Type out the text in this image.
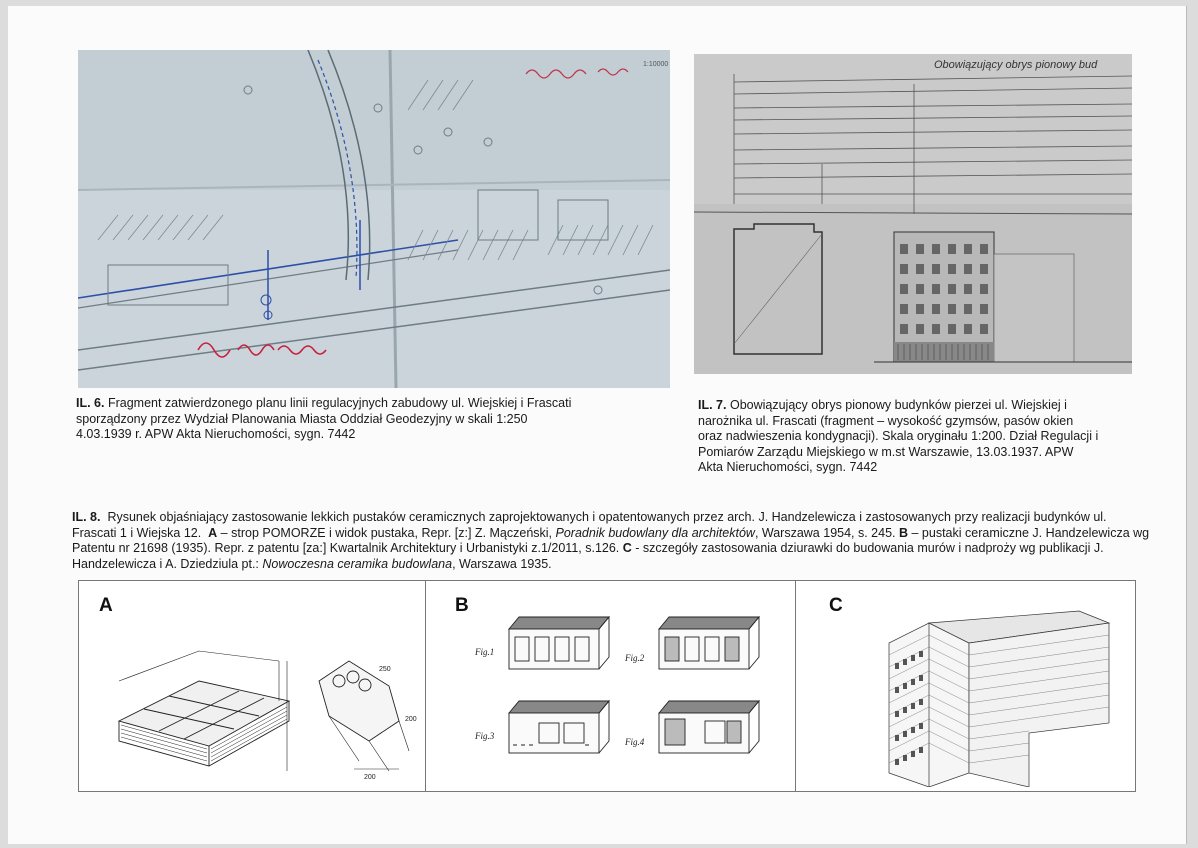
1:10000
IL. 6. Fragment zatwierdzonego planu linii regulacyjnych zabudowy ul. Wiejskiej i Frascati
sporządzony przez Wydział Planowania Miasta Oddział Geodezyjny w skali 1:250
4.03.1939 r. APW Akta Nieruchomości, sygn. 7442
Obowiązujący obrys pionowy bud
IL. 7. Obowiązujący obrys pionowy budynków pierzei ul. Wiejskiej i
narożnika ul. Frascati (fragment – wysokość gzymsów, pasów okien
oraz nadwieszenia kondygnacji). Skala oryginału 1:200. Dział Regulacji i
Pomiarów Zarządu Miejskiego w m.st Warszawie, 13.03.1937. APW
Akta Nieruchomości, sygn. 7442
IL. 8. Rysunek objaśniający zastosowanie lekkich pustaków ceramicznych zaprojektowanych i opatentowanych przez arch. J. Handzelewicza i zastosowanych przy realizacji budynków ul. Frascati 1 i Wiejska 12. A – strop POMORZE i widok pustaka, Repr. [z:] Z. Mączeński, Poradnik budowlany dla architektów, Warszawa 1954, s. 245. B – pustaki ceramiczne J. Handzelewicza wg Patentu nr 21698 (1935). Repr. z patentu [za:] Kwartalnik Architektury i Urbanistyki z.1/2011, s.126. C - szczegóły zastosowania dziurawki do budowania murów i nadproży wg publikacji J. Handzelewicza i A. Dziedziula pt.: Nowoczesna ceramika budowlana, Warszawa 1935.
A
200
200
250
B
Fig.1
Fig.2
Fig.3
Fig.4
C
